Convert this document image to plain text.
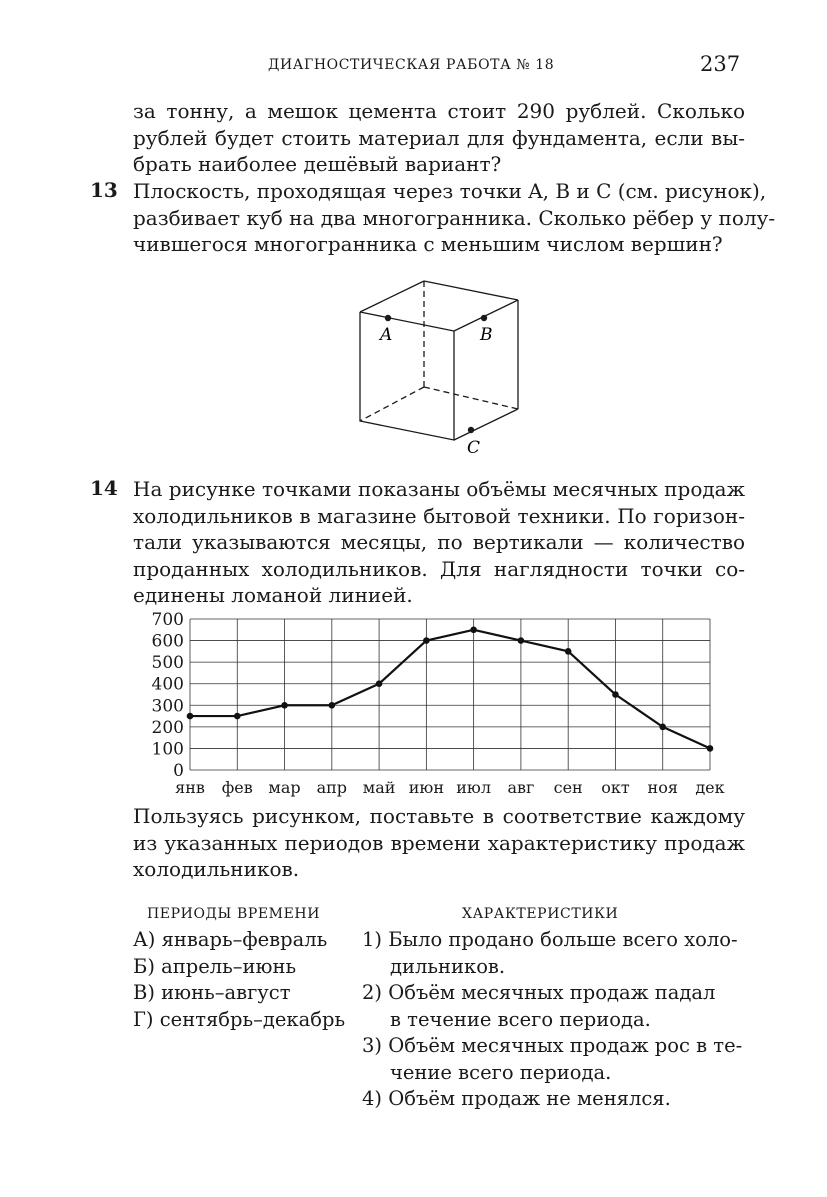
ДИАГНОСТИЧЕСКАЯ РАБОТА № 18	237
за тонну, а мешок цемента стоит 290 рублей. Сколько
рублей будет стоить материал для фундамента, если вы-
брать наиболее дешёвый вариант?
13 Плоскость, проходящая через точки A, B и C (см. рисунок),
разбивает куб на два многогранника. Сколько рёбер у полу-
чившегося многогранника с меньшим числом вершин?
A	B
C
14 На рисунке точками показаны объёмы месячных продаж
холодильников в магазине бытовой техники. По горизон-
тали указываются месяцы, по вертикали — количество
проданных холодильников. Для наглядности точки со-
единены ломаной линией.
0
100
200
300
400
500
600
700
янв фев мар апр май июн июл авг сен окт ноя дек
Пользуясь рисунком, поставьте в соответствие каждому
из указанных периодов времени характеристику продаж
холодильников.
ПЕРИОДЫ ВРЕМЕНИ	ХАРАКТЕРИСТИКИ
А) январь–февраль
Б) апрель–июнь
В) июнь–август
Г) сентябрь–декабрь
1) Было продано больше всего холо-
дильников.
2) Объём месячных продаж падал
в течение всего периода.
3) Объём месячных продаж рос в те-
чение всего периода.
4) Объём продаж не менялся.
